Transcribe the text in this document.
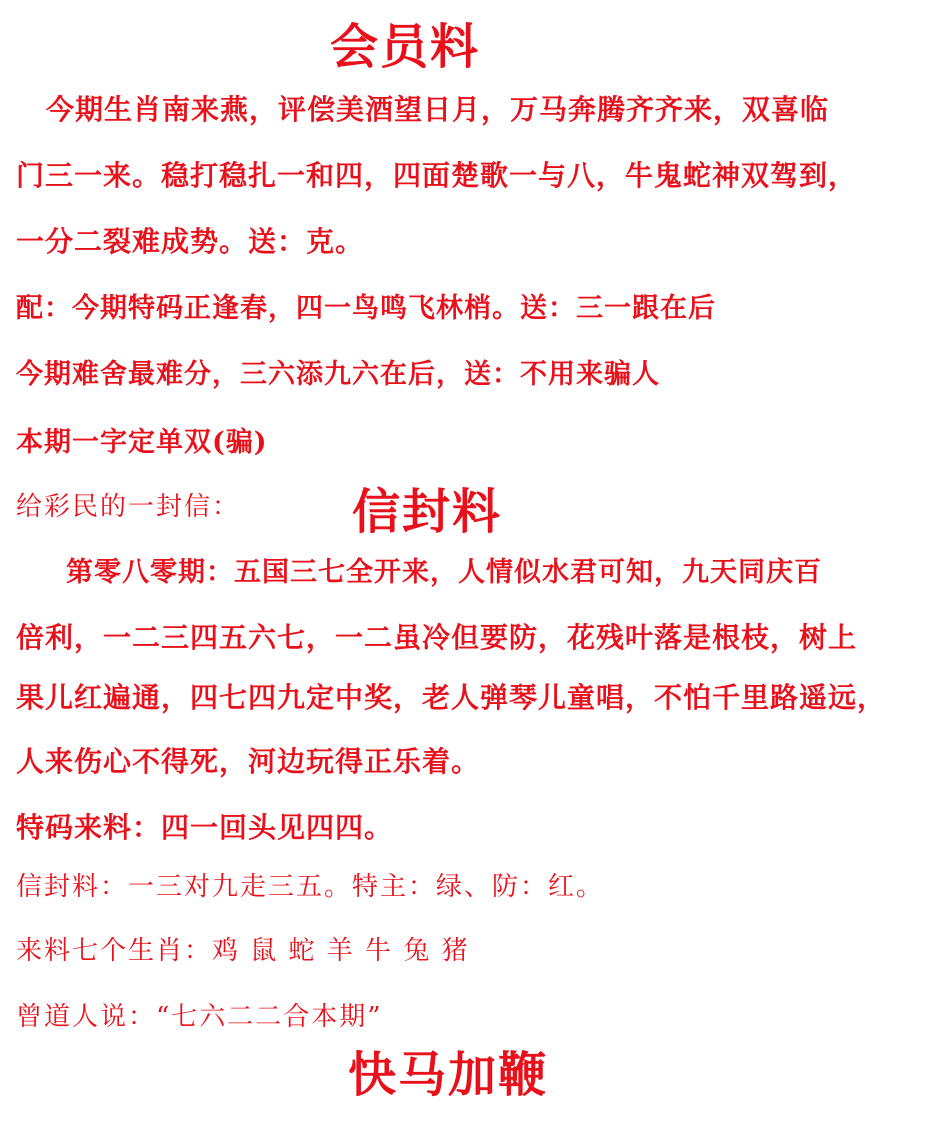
会员料
今期生肖南来燕，评偿美酒望日月，万马奔腾齐齐来，双喜临
门三一来。稳打稳扎一和四，四面楚歌一与八，牛鬼蛇神双驾到，
一分二裂难成势。送：克。
配：今期特码正逢春，四一鸟鸣飞林梢。送：三一跟在后
今期难舍最难分，三六添九六在后，送：不用来骗人
本期一字定单双(骗)
给彩民的一封信： 信封料
第零八零期：五国三七全开来，人情似水君可知，九天同庆百
倍利，一二三四五六七，一二虽冷但要防，花残叶落是根枝，树上
果儿红遍通，四七四九定中奖，老人弹琴儿童唱，不怕千里路遥远，
人来伤心不得死，河边玩得正乐着。
特码来料：四一回头见四四。
信封料：一三对九走三五。特主：绿、防：红。
来料七个生肖：鸡 鼠 蛇 羊 牛 兔 猪
曾道人说：“七六二二合本期”
快马加鞭
